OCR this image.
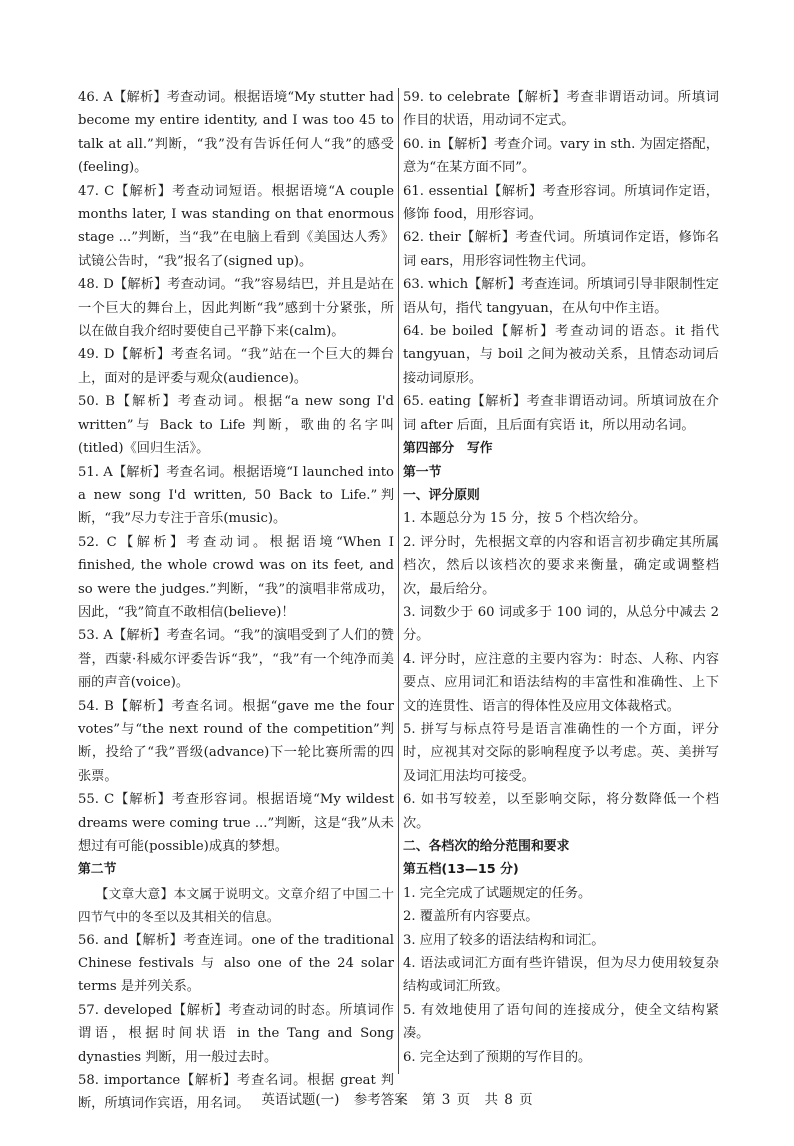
46. A【解析】考查动词。根据语境“My stutter had become my entire identity, and I was too 45 to talk at all.”判断，“我”没有告诉任何人“我”的感受(feeling)。
47. C【解析】考查动词短语。根据语境“A couple months later, I was standing on that enormous stage ...”判断，当“我”在电脑上看到《美国达人秀》试镜公告时，“我”报名了(signed up)。
48. D【解析】考查动词。“我”容易结巴，并且是站在一个巨大的舞台上，因此判断“我”感到十分紧张，所以在做自我介绍时要使自己平静下来(calm)。
49. D【解析】考查名词。“我”站在一个巨大的舞台上，面对的是评委与观众(audience)。
50. B【解析】考查动词。根据“a new song I'd written”与 Back to Life 判断，歌曲的名字叫(titled)《回归生活》。
51. A【解析】考查名词。根据语境“I launched into a new song I'd written, 50 Back to Life.”判断，“我”尽力专注于音乐(music)。
52. C【解析】考查动词。根据语境“When I finished, the whole crowd was on its feet, and so were the judges.”判断，“我”的演唱非常成功，因此，“我”简直不敢相信(believe)！
53. A【解析】考查名词。“我”的演唱受到了人们的赞誉，西蒙·科威尔评委告诉“我”，“我”有一个纯净而美丽的声音(voice)。
54. B【解析】考查名词。根据“gave me the four votes”与“the next round of the competition”判断，投给了“我”晋级(advance)下一轮比赛所需的四张票。
55. C【解析】考查形容词。根据语境“My wildest dreams were coming true ...”判断，这是“我”从未想过有可能(possible)成真的梦想。
第二节
【文章大意】本文属于说明文。文章介绍了中国二十四节气中的冬至以及其相关的信息。
56. and【解析】考查连词。one of the traditional Chinese festivals 与 also one of the 24 solar terms 是并列关系。
57. developed【解析】考查动词的时态。所填词作谓语，根据时间状语 in the Tang and Song dynasties 判断，用一般过去时。
58. importance【解析】考查名词。根据 great 判断，所填词作宾语，用名词。
59. to celebrate【解析】考查非谓语动词。所填词作目的状语，用动词不定式。
60. in【解析】考查介词。vary in sth. 为固定搭配，意为“在某方面不同”。
61. essential【解析】考查形容词。所填词作定语，修饰 food，用形容词。
62. their【解析】考查代词。所填词作定语，修饰名词 ears，用形容词性物主代词。
63. which【解析】考查连词。所填词引导非限制性定语从句，指代 tangyuan，在从句中作主语。
64. be boiled【解析】考查动词的语态。it 指代 tangyuan，与 boil 之间为被动关系，且情态动词后接动词原形。
65. eating【解析】考查非谓语动词。所填词放在介词 after 后面，且后面有宾语 it，所以用动名词。
第四部分　写作
第一节
一、评分原则
1. 本题总分为 15 分，按 5 个档次给分。
2. 评分时，先根据文章的内容和语言初步确定其所属档次，然后以该档次的要求来衡量，确定或调整档次，最后给分。
3. 词数少于 60 词或多于 100 词的，从总分中减去 2 分。
4. 评分时，应注意的主要内容为：时态、人称、内容要点、应用词汇和语法结构的丰富性和准确性、上下文的连贯性、语言的得体性及应用文体裁格式。
5. 拼写与标点符号是语言准确性的一个方面，评分时，应视其对交际的影响程度予以考虑。英、美拼写及词汇用法均可接受。
6. 如书写较差，以至影响交际，将分数降低一个档次。
二、各档次的给分范围和要求
第五档(13—15 分)
1. 完全完成了试题规定的任务。
2. 覆盖所有内容要点。
3. 应用了较多的语法结构和词汇。
4. 语法或词汇方面有些许错误，但为尽力使用较复杂结构或词汇所致。
5. 有效地使用了语句间的连接成分，使全文结构紧凑。
6. 完全达到了预期的写作目的。
英语试题(一) 参考答案 第 3 页 共 8 页
